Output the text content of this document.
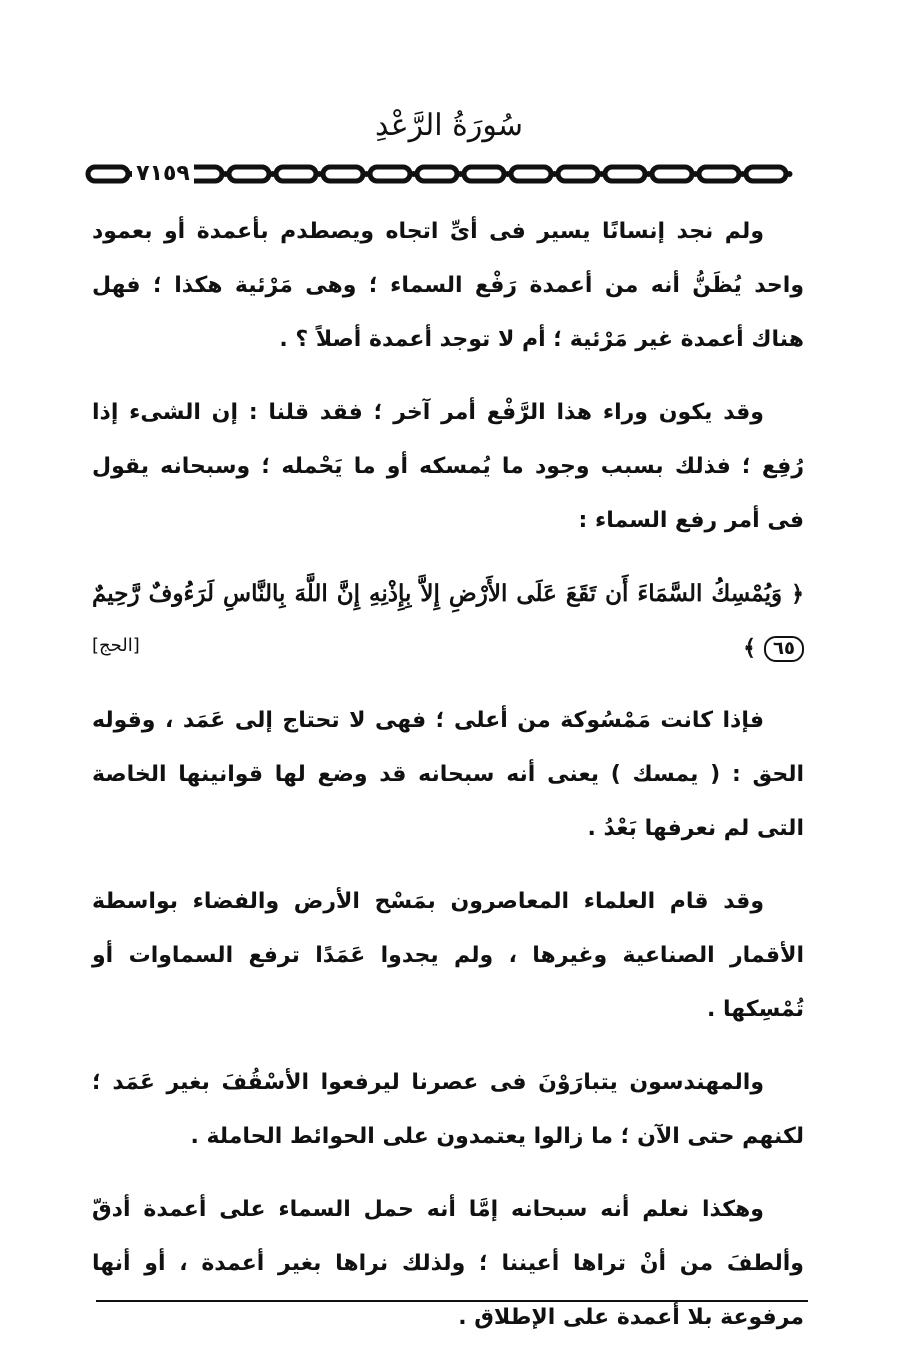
سُورَةُ الرَّعْدِ
٧١٥٩

ولم نجد إنسانًا يسير فى أىِّ اتجاه ويصطدم بأعمدة أو بعمود واحد يُظَنُّ أنه من أعمدة رَفْع السماء ؛ وهى مَرْئية هكذا ؛ فهل هناك أعمدة غير مَرْئية ؛ أم لا توجد أعمدة أصلاً ؟ .

وقد يكون وراء هذا الرَّفْع أمر آخر ؛ فقد قلنا : إن الشىء إذا رُفِع ؛ فذلك بسبب وجود ما يُمسكه أو ما يَحْمله ؛ وسبحانه يقول فى أمر رفع السماء :

﴿ وَيُمْسِكُ السَّمَاءَ أَن تَقَعَ عَلَى الأَرْضِ إِلاَّ بِإِذْنِهِ إِنَّ اللَّهَ بِالنَّاسِ لَرَءُوفٌ رَّحِيمٌ ٦٥ ﴾
[الحج]

فإذا كانت مَمْسُوكة من أعلى ؛ فهى لا تحتاج إلى عَمَد ، وقوله الحق : ( يمسك ) يعنى أنه سبحانه قد وضع لها قوانينها الخاصة التى لم نعرفها بَعْدُ .

وقد قام العلماء المعاصرون بمَسْح الأرض والفضاء بواسطة الأقمار الصناعية وغيرها ، ولم يجدوا عَمَدًا ترفع السماوات أو تُمْسِكها .

والمهندسون يتبارَوْنَ فى عصرنا ليرفعوا الأسْقُفَ بغير عَمَد ؛ لكنهم حتى الآن ؛ ما زالوا يعتمدون على الحوائط الحاملة .

وهكذا نعلم أنه سبحانه إمَّا أنه حمل السماء على أعمدة أدقّ وألطفَ من أنْ تراها أعيننا ؛ ولذلك نراها بغير أعمدة ، أو أنها مرفوعة بلا أعمدة على الإطلاق .
